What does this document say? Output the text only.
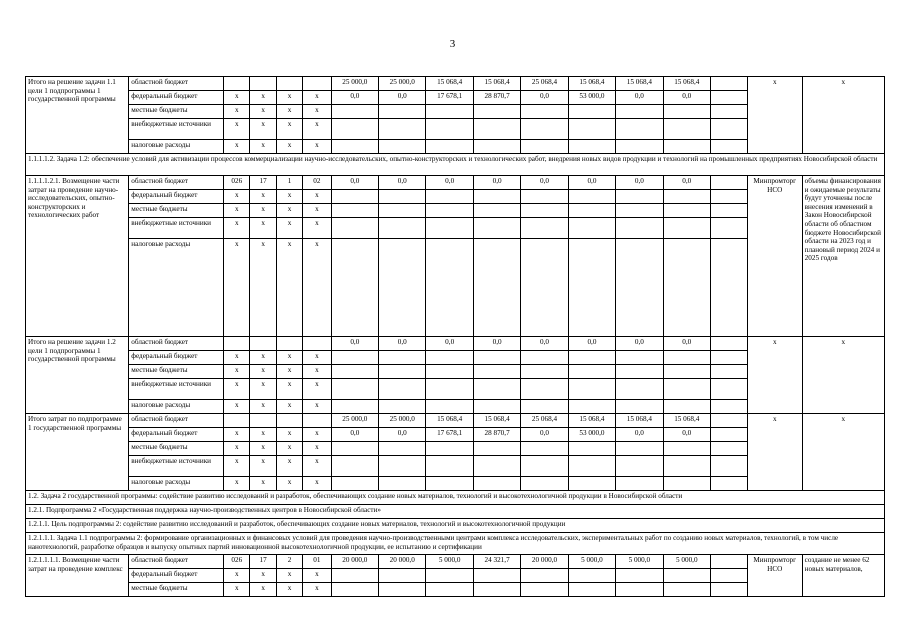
3
Итого на решение задачи 1.1 цели 1 подпрограммы 1 государственной программы	областной бюджет					25 000,0	25 000,0	15 068,4	15 068,4	25 068,4	15 068,4	15 068,4	15 068,4		x	x
	федеральный бюджет	x	x	x	x	0,0	0,0	17 678,1	28 870,7	0,0	53 000,0	0,0	0,0			
	местные бюджеты	x	x	x	x											
	внебюджетные источники	x	x	x	x											
	налоговые расходы	x	x	x	x											
1.1.1.1.2. Задача 1.2: обеспечение условий для активизации процессов коммерциализации научно-исследовательских, опытно-конструкторских и технологических работ, внедрения новых видов продукции и технологий на промышленных предприятиях Новосибирской области																
1.1.1.1.2.1. Возмещение части затрат на проведение научно-исследовательских, опытно-конструкторских и технологических работ	областной бюджет	026	17	1	02	0,0	0,0	0,0	0,0	0,0	0,0	0,0	0,0		Минпромторг НСО	объемы финансирования и ожидаемые результаты будут уточнены после внесения изменений в Закон Новосибирской области об областном бюджете Новосибирской области на 2023 год и плановый период 2024 и 2025 годов
	федеральный бюджет	x	x	x	x											
	местные бюджеты	x	x	x	x											
	внебюджетные источники	x	x	x	x											
	налоговые расходы	x	x	x	x											
Итого на решение задачи 1.2 цели 1 подпрограммы 1 государственной программы	областной бюджет					0,0	0,0	0,0	0,0	0,0	0,0	0,0	0,0		x	x
	федеральный бюджет	x	x	x	x											
	местные бюджеты	x	x	x	x											
	внебюджетные источники	x	x	x	x											
	налоговые расходы	x	x	x	x											
Итого затрат по подпрограмме 1 государственной программы	областной бюджет					25 000,0	25 000,0	15 068,4	15 068,4	25 068,4	15 068,4	15 068,4	15 068,4		x	x
	федеральный бюджет	x	x	x	x	0,0	0,0	17 678,1	28 870,7	0,0	53 000,0	0,0	0,0			
	местные бюджеты	x	x	x	x											
	внебюджетные источники	x	x	x	x											
	налоговые расходы	x	x	x	x											
1.2. Задача 2 государственной программы: содействие развитию исследований и разработок, обеспечивающих создание новых материалов, технологий и высокотехнологичной продукции в Новосибирской области																
1.2.1. Подпрограмма 2 «Государственная поддержка научно-производственных центров в Новосибирской области»																
1.2.1.1. Цель подпрограммы 2: содействие развитию исследований и разработок, обеспечивающих создание новых материалов, технологий и высокотехнологичной продукции																
1.2.1.1.1. Задача 1.1 подпрограммы 2: формирование организационных и финансовых условий для проведения научно-производственными центрами комплекса исследовательских, экспериментальных работ по созданию новых материалов, технологий, в том числе нанотехнологий, разработке образцов и выпуску опытных партий инновационной высокотехнологичной продукции, ее испытанию и сертификации																
1.2.1.1.1.1. Возмещение части затрат на проведение комплекс	областной бюджет	026	17	2	01	20 000,0	20 000,0	5 000,0	24 321,7	20 000,0	5 000,0	5 000,0	5 000,0		Минпромторг НСО	создание не менее 62 новых материалов,
	федеральный бюджет	x	x	x	x											
	местные бюджеты	x	x	x	x											
